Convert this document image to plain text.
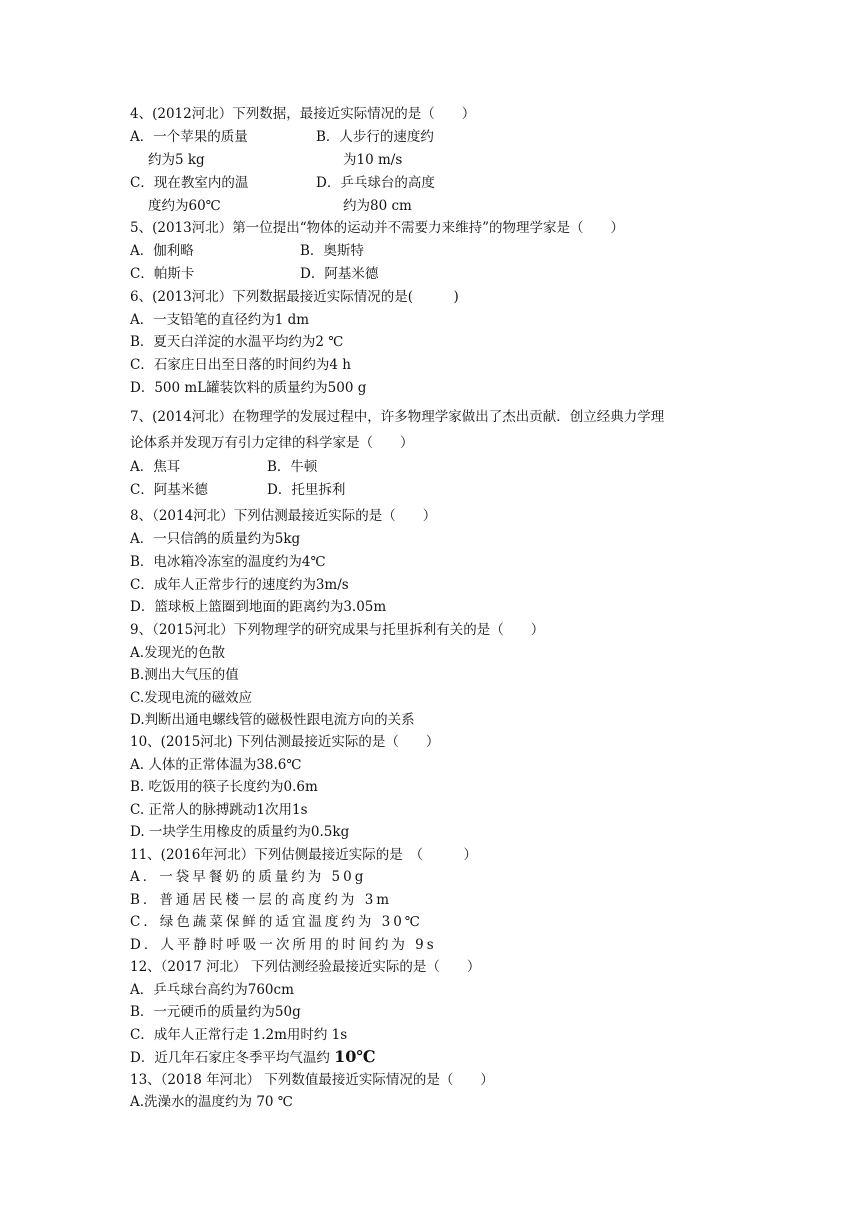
4、(2012河北）下列数据，最接近实际情况的是（　　）
A．一个苹果的质量	B．人步行的速度约
约为5 kg	为10 m/s
C．现在教室内的温	D．乒乓球台的高度
度约为60℃	约为80 cm
5、(2013河北）第一位提出“物体的运动并不需要力来维持”的物理学家是（　　）
A．伽利略	B．奥斯特
C．帕斯卡	D．阿基米德
6、(2013河北）下列数据最接近实际情况的是(　　　)
A．一支铅笔的直径约为1 dm
B．夏天白洋淀的水温平均约为2 ℃
C．石家庄日出至日落的时间约为4 h
D．500 mL罐装饮料的质量约为500 g
7、(2014河北）在物理学的发展过程中，许多物理学家做出了杰出贡献．创立经典力学理
论体系并发现万有引力定律的科学家是（　　）
A．焦耳	B．牛顿
C．阿基米德	D．托里拆利
8、（2014河北）下列估测最接近实际的是（　　）
A．一只信鸽的质量约为5kg
B．电冰箱冷冻室的温度约为4℃
C．成年人正常步行的速度约为3m/s
D．篮球板上篮圈到地面的距离约为3.05m
9、（2015河北）下列物理学的研究成果与托里拆利有关的是（　　）
A.发现光的色散
B.测出大气压的值
C.发现电流的磁效应
D.判断出通电螺线管的磁极性跟电流方向的关系
10、(2015河北) 下列估测最接近实际的是（　　）
A. 人体的正常体温为38.6℃
B. 吃饭用的筷子长度约为0.6m
C. 正常人的脉搏跳动1次用1s
D. 一块学生用橡皮的质量约为0.5kg
11、(2016年河北）下列估侧最接近实际的是　（　　　）
A．一袋早餐奶的质量约为 50g
B．普通居民楼一层的高度约为 3m
C．绿色蔬菜保鲜的适宜温度约为 30℃
D．人平静时呼吸一次所用的时间约为 9s
12、（2017 河北） 下列估测经验最接近实际的是（　　）
A．乒乓球台高约为760cm
B．一元硬币的质量约为50g
C．成年人正常行走 1.2m用时约 1s
D．近几年石家庄冬季平均气温约 10℃
13、（2018 年河北） 下列数值最接近实际情况的是（　　）
A.洗澡水的温度约为 70 ℃
